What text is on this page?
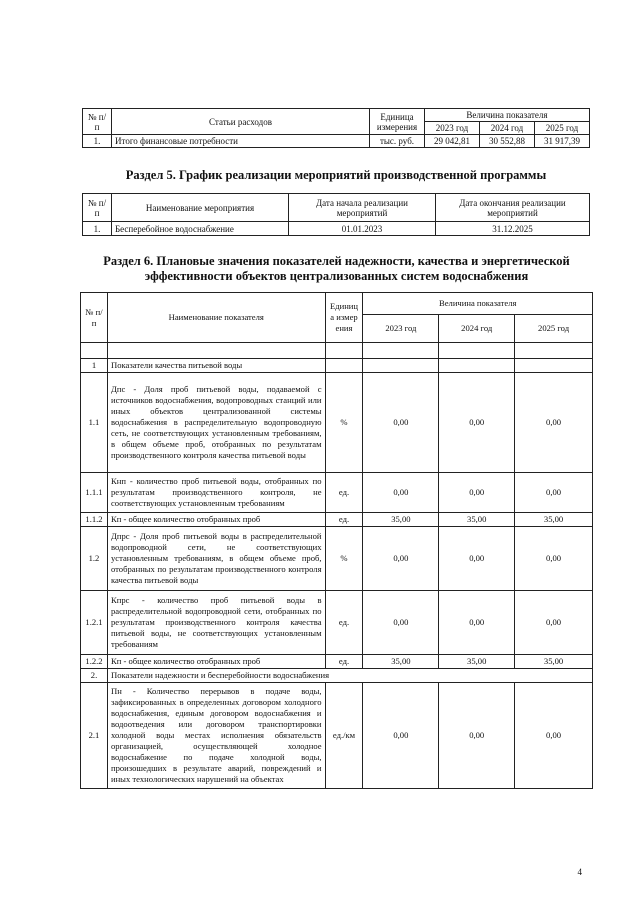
№ п/п	Статьи расходов	Единица измерения	Величина показателя		
			2023 год	2024 год	2025 год
1.	Итого финансовые потребности	тыс. руб.	29 042,81	30 552,88	31 917,39
Раздел 5. График реализации мероприятий производственной программы
№ п/п	Наименование мероприятия	Дата начала реализации мероприятий	Дата окончания реализации мероприятий
1.	Бесперебойное водоснабжение	01.01.2023	31.12.2025
Раздел 6. Плановые значения показателей надежности, качества и энергетической
эффективности объектов централизованных систем водоснабжения
№ п/п	Наименование показателя	Единица измерения	Величина показателя		
			2023 год	2024 год	2025 год

1	Показатели качества питьевой воды				
1.1	Дпс - Доля проб питьевой воды, подаваемой с источников водоснабжения, водопроводных станций или иных объектов централизованной системы водоснабжения в распределительную водопроводную сеть, не соответствующих установленным требованиям, в общем объеме проб, отобранных по результатам производственного контроля качества питьевой воды	%	0,00	0,00	0,00
1.1.1	Кнп - количество проб питьевой воды, отобранных по результатам производственного контроля, не соответствующих установленным требованиям	ед.	0,00	0,00	0,00
1.1.2	Кп - общее количество отобранных проб	ед.	35,00	35,00	35,00
1.2	Дпрс - Доля проб питьевой воды в распределительной водопроводной сети, не соответствующих установленным требованиям, в общем объеме проб, отобранных по результатам производственного контроля качества питьевой воды	%	0,00	0,00	0,00
1.2.1	Кпрс - количество проб питьевой воды в распределительной водопроводной сети, отобранных по результатам производственного контроля качества питьевой воды, не соответствующих установленным требованиям	ед.	0,00	0,00	0,00
1.2.2	Кп - общее количество отобранных проб	ед.	35,00	35,00	35,00
2.	Показатели надежности и бесперебойности водоснабжения				
2.1	Пн - Количество перерывов в подаче воды, зафиксированных в определенных договором холодного водоснабжения, единым договором водоснабжения и водоотведения или договором транспортировки холодной воды местах исполнения обязательств организацией, осуществляющей холодное водоснабжение по подаче холодной воды, произошедших в результате аварий, повреждений и иных технологических нарушений на объектах	ед./км	0,00	0,00	0,00
4
